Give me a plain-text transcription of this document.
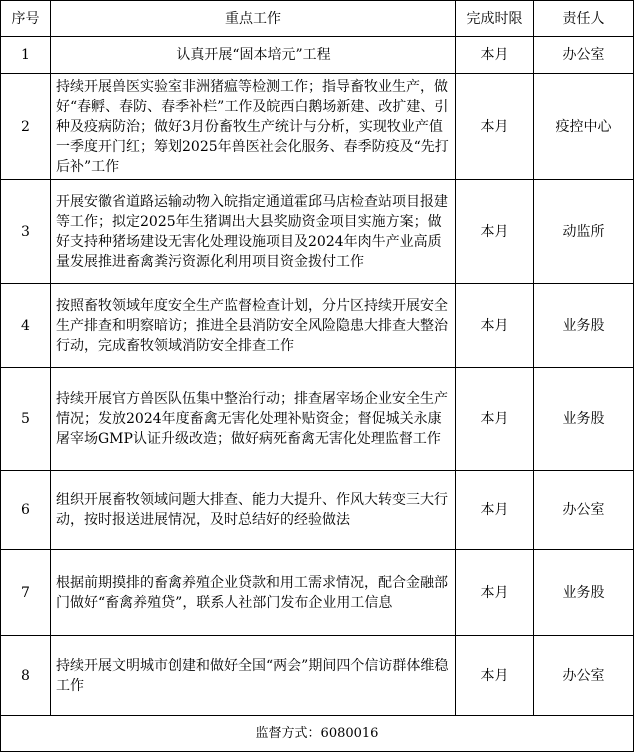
序号	重点工作	完成时限	责任人
1	认真开展“固本培元”工程	本月	办公室
2	持续开展兽医实验室非洲猪瘟等检测工作；指导畜牧业生产，做好“春孵、春防、春季补栏”工作及皖西白鹅场新建、改扩建、引种及疫病防治；做好3月份畜牧生产统计与分析，实现牧业产值一季度开门红；筹划2025年兽医社会化服务、春季防疫及“先打后补”工作	本月	疫控中心
3	开展安徽省道路运输动物入皖指定通道霍邱马店检查站项目报建等工作；拟定2025年生猪调出大县奖励资金项目实施方案；做好支持种猪场建设无害化处理设施项目及2024年肉牛产业高质量发展推进畜禽粪污资源化利用项目资金拨付工作	本月	动监所
4	按照畜牧领域年度安全生产监督检查计划，分片区持续开展安全生产排查和明察暗访；推进全县消防安全风险隐患大排查大整治行动，完成畜牧领域消防安全排查工作	本月	业务股
5	持续开展官方兽医队伍集中整治行动；排查屠宰场企业安全生产情况；发放2024年度畜禽无害化处理补贴资金；督促城关永康屠宰场GMP认证升级改造；做好病死畜禽无害化处理监督工作	本月	业务股
6	组织开展畜牧领域问题大排查、能力大提升、作风大转变三大行动，按时报送进展情况，及时总结好的经验做法	本月	办公室
7	根据前期摸排的畜禽养殖企业贷款和用工需求情况，配合金融部门做好“畜禽养殖贷”，联系人社部门发布企业用工信息	本月	业务股
8	持续开展文明城市创建和做好全国“两会”期间四个信访群体维稳工作	本月	办公室
监督方式：6080016			
